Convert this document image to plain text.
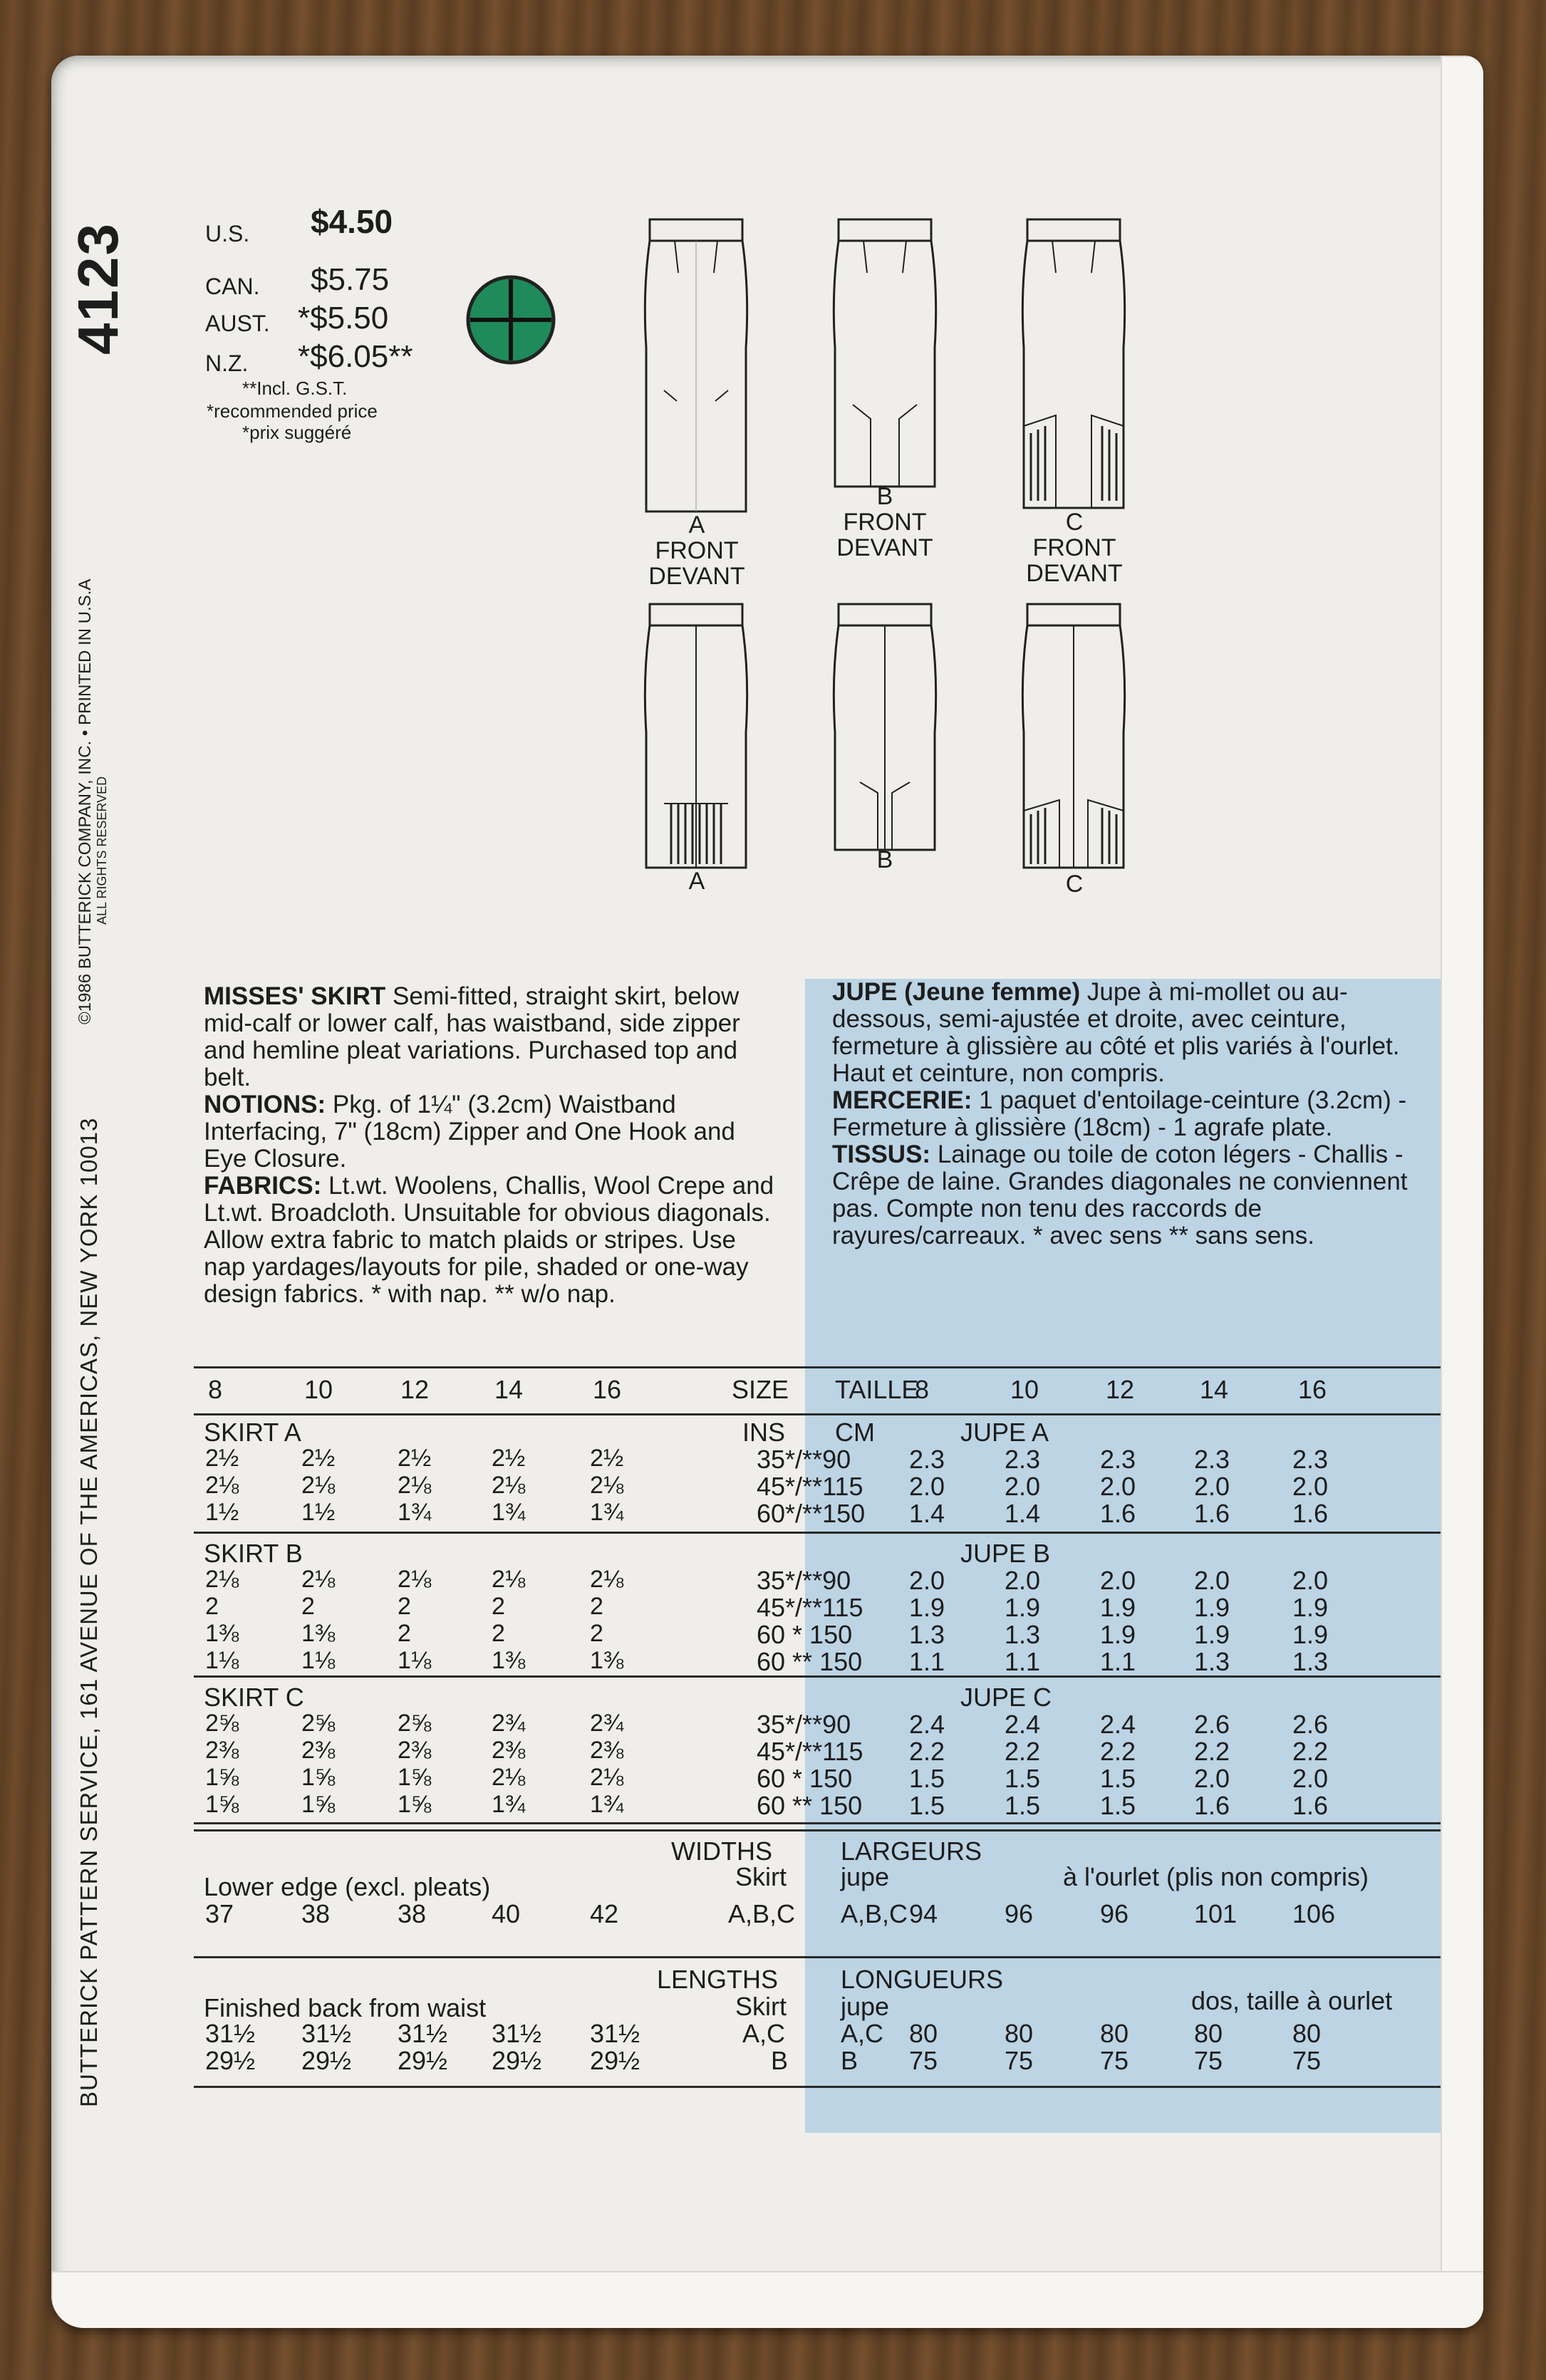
4123	U.S. $4.50
CAN. $5.75
AUST. *$5.50
N.Z. *$6.05**
**Incl. G.S.T.
*recommended price
*prix suggéré
BUTTERICK PATTERN SERVICE, 161 AVENUE OF THE AMERICAS, NEW YORK 10013
©1986 BUTTERICK COMPANY, INC. • PRINTED IN U.S.A ALL RIGHTS RESERVED
A
FRONT
DEVANT
B
FRONT
DEVANT
C
FRONT
DEVANT
A
B
C
MISSES' SKIRT Semi-fitted, straight skirt, below mid-calf or lower calf, has waistband, side zipper and hemline pleat variations. Purchased top and belt.
NOTIONS: Pkg. of 1¼" (3.2cm) Waistband Interfacing, 7" (18cm) Zipper and One Hook and Eye Closure.
FABRICS: Lt.wt. Woolens, Challis, Wool Crepe and Lt.wt. Broadcloth. Unsuitable for obvious diagonals. Allow extra fabric to match plaids or stripes. Use nap yardages/layouts for pile, shaded or one-way design fabrics. * with nap. ** w/o nap.
JUPE (Jeune femme) Jupe à mi-mollet ou au-dessous, semi-ajustée et droite, avec ceinture, fermeture à glissière au côté et plis variés à l'ourlet. Haut et ceinture, non compris.
MERCERIE: 1 paquet d'entoilage-ceinture (3.2cm) - Fermeture à glissière (18cm) - 1 agrafe plate.
TISSUS: Lainage ou toile de coton légers - Challis - Crêpe de laine. Grandes diagonales ne conviennent pas. Compte non tenu des raccords de rayures/carreaux. * avec sens ** sans sens.
8	10	12	14	16	SIZE TAILLE
8	10	12	14	16
INS CM
SKIRT A	JUPE A
2½	2½	2½ 2½	2½	35*/**90 2.3 2.3 2.3 2.3 2.3
2⅛	2⅛	2⅛ 2⅛	2⅛	45*/**115 2.0 2.0 2.0 2.0 2.0
1½	1½	1¾ 1¾	1¾	60*/**150 1.4 1.4 1.6 1.6 1.6
SKIRT B	JUPE B
2⅛	2⅛	2⅛ 2⅛	2⅛	35*/**90 2.0 2.0 2.0 2.0 2.0
2	2	2	2	2	45*/**115 1.9 1.9 1.9 1.9 1.9
1⅜	1⅜	2	2	2	60 * 150 1.3 1.3 1.9 1.9 1.9
1⅛	1⅛	1⅛ 1⅜	1⅜	60 ** 150 1.1 1.1 1.1 1.3 1.3
SKIRT C	JUPE C
2⅝	2⅝	2⅝ 2¾	2¾	35*/**90 2.4 2.4 2.4 2.6 2.6
2⅜	2⅜	2⅜ 2⅜	2⅜	45*/**115 2.2 2.2 2.2 2.2 2.2
1⅝	1⅝	1⅝ 2⅛	2⅛	60 * 150 1.5 1.5 1.5 2.0 2.0
1⅝	1⅝	1⅝ 1¾	1¾	60 ** 150 1.5 1.5 1.5 1.6 1.6
WIDTHS	LARGEURS
Skirt jupe
Lower edge (excl. pleats)	à l'ourlet (plis non compris)
37	38	38	40	42	A,B,C A,B,C 94	96	96	101 106
LENGTHS LONGUEURS
Skirt jupe
Finished back from waist	dos, taille à ourlet
31½ 31½ 31½ 31½ 31½	A,C A,C 80	80	80	80	80
29½ 29½ 29½ 29½ 29½	B B 75	75	75	75	75
